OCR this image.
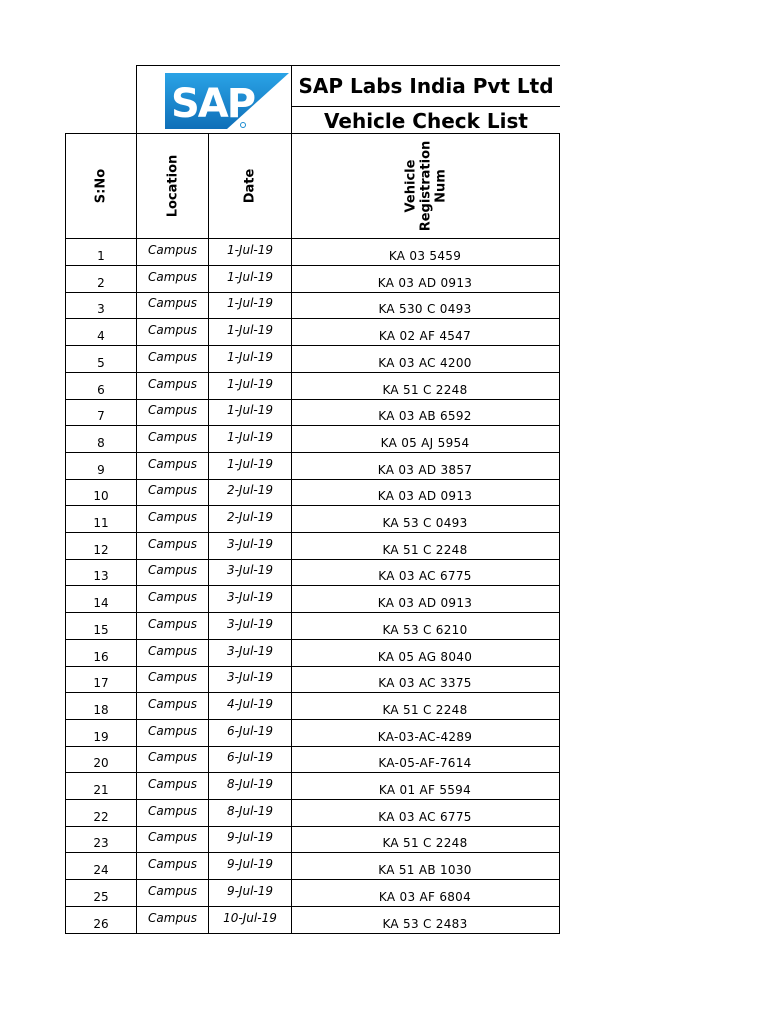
SAP	SAP Labs India Pvt Ltd
Vehicle Check List
S:No	Location	Date	Vehicle Registration Num
1	Campus	1-Jul-19	KA 03 5459
2	Campus	1-Jul-19	KA 03 AD 0913
3	Campus	1-Jul-19	KA 530 C 0493
4	Campus	1-Jul-19	KA 02 AF 4547
5	Campus	1-Jul-19	KA 03 AC 4200
6	Campus	1-Jul-19	KA 51 C 2248
7	Campus	1-Jul-19	KA 03 AB 6592
8	Campus	1-Jul-19	KA 05 AJ 5954
9	Campus	1-Jul-19	KA 03 AD 3857
10	Campus	2-Jul-19	KA 03 AD 0913
11	Campus	2-Jul-19	KA 53 C 0493
12	Campus	3-Jul-19	KA 51 C 2248
13	Campus	3-Jul-19	KA 03 AC 6775
14	Campus	3-Jul-19	KA 03 AD 0913
15	Campus	3-Jul-19	KA 53 C 6210
16	Campus	3-Jul-19	KA 05 AG 8040
17	Campus	3-Jul-19	KA 03 AC 3375
18	Campus	4-Jul-19	KA 51 C 2248
19	Campus	6-Jul-19	KA-03-AC-4289
20	Campus	6-Jul-19	KA-05-AF-7614
21	Campus	8-Jul-19	KA 01 AF 5594
22	Campus	8-Jul-19	KA 03 AC 6775
23	Campus	9-Jul-19	KA 51 C 2248
24	Campus	9-Jul-19	KA 51 AB 1030
25	Campus	9-Jul-19	KA 03 AF 6804
26	Campus	10-Jul-19	KA 53 C 2483
